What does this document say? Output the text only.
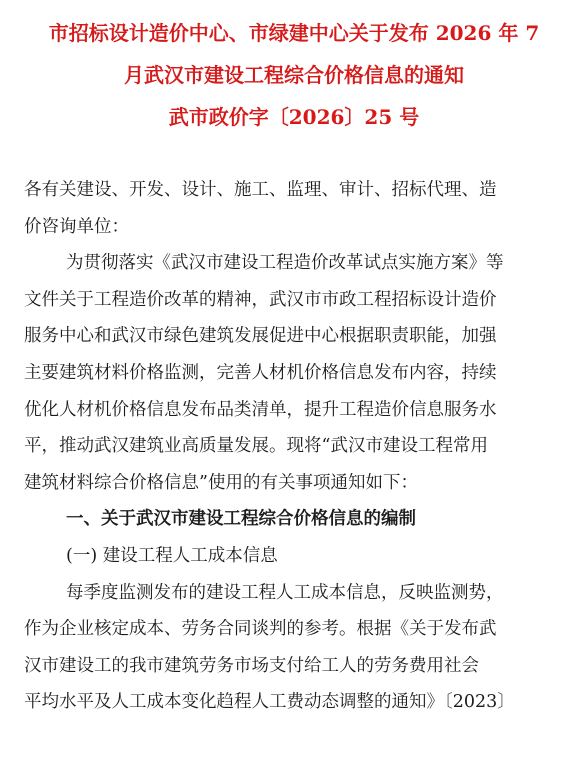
市招标设计造价中心、市绿建中心关于发布 2026 年 7
月武汉市建设工程综合价格信息的通知
武市政价字〔2026〕25 号
各有关建设、开发、设计、施工、监理、审计、招标代理、造
价咨询单位：
为贯彻落实《武汉市建设工程造价改革试点实施方案》等
文件关于工程造价改革的精神，武汉市市政工程招标设计造价
服务中心和武汉市绿色建筑发展促进中心根据职责职能，加强
主要建筑材料价格监测，完善人材机价格信息发布内容，持续
优化人材机价格信息发布品类清单，提升工程造价信息服务水
平，推动武汉建筑业高质量发展。现将“武汉市建设工程常用
建筑材料综合价格信息”使用的有关事项通知如下：
一、关于武汉市建设工程综合价格信息的编制
(一) 建设工程人工成本信息
每季度监测发布的建设工程人工成本信息，反映监测势，
作为企业核定成本、劳务合同谈判的参考。根据《关于发布武
汉市建设工的我市建筑劳务市场支付给工人的劳务费用社会
平均水平及人工成本变化趋程人工费动态调整的通知》〔2023〕
